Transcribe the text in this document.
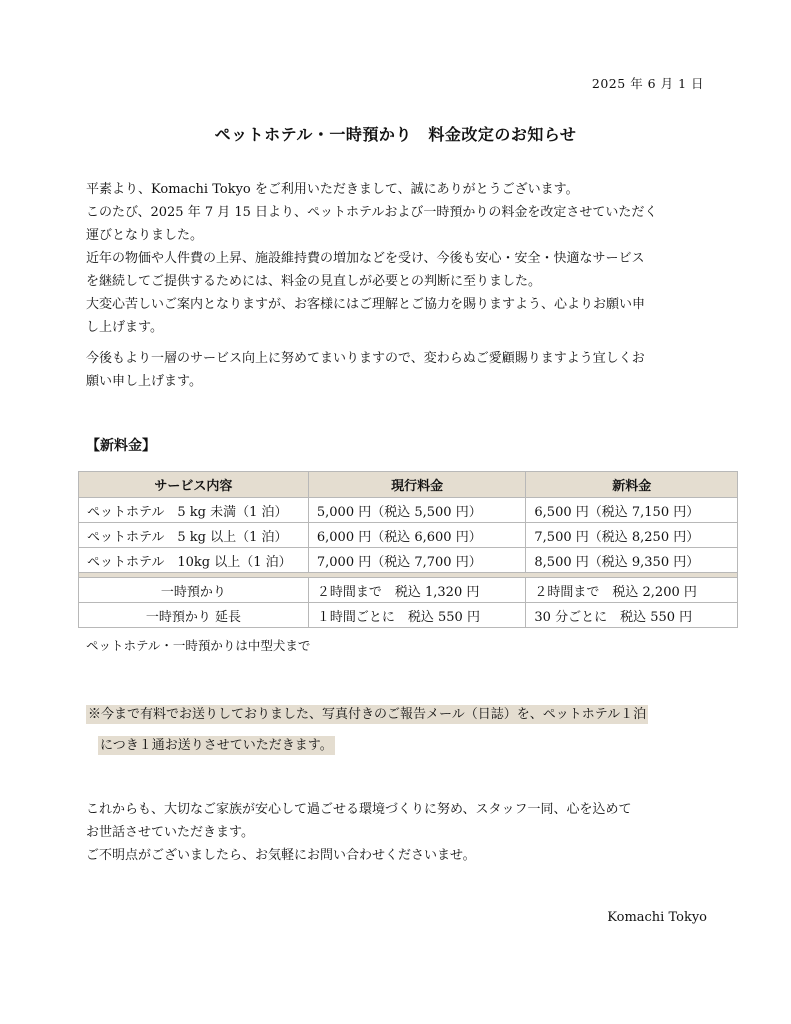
2025 年 6 月 1 日
ペットホテル・一時預かり　料金改定のお知らせ

平素より、Komachi Tokyo をご利用いただきまして、誠にありがとうございます。

このたび、2025 年 7 月 15 日より、ペットホテルおよび一時預かりの料金を改定させていただく

運びとなりました。

近年の物価や人件費の上昇、施設維持費の増加などを受け、今後も安心・安全・快適なサービス

を継続してご提供するためには、料金の見直しが必要との判断に至りました。

大変心苦しいご案内となりますが、お客様にはご理解とご協力を賜りますよう、心よりお願い申

し上げます。

今後もより一層のサービス向上に努めてまいりますので、変わらぬご愛顧賜りますよう宜しくお

願い申し上げます。

【新料金】
サービス内容	現行料金	新料金
ペットホテル　5 kg 未満（1 泊）	5,000 円（税込 5,500 円）	6,500 円（税込 7,150 円）
ペットホテル　5 kg 以上（1 泊）	6,000 円（税込 6,600 円）	7,500 円（税込 8,250 円）
ペットホテル　10kg 以上（1 泊）	7,000 円（税込 7,700 円）	8,500 円（税込 9,350 円）

一時預かり	２時間まで　税込 1,320 円	２時間まで　税込 2,200 円
一時預かり 延長	１時間ごとに　税込 550 円	30 分ごとに　税込 550 円
ペットホテル・一時預かりは中型犬まで
※今まで有料でお送りしておりました、写真付きのご報告メール（日誌）を、ペットホテル１泊
につき１通お送りさせていただきます。

これからも、大切なご家族が安心して過ごせる環境づくりに努め、スタッフ一同、心を込めて

お世話させていただきます。

ご不明点がございましたら、お気軽にお問い合わせくださいませ。

Komachi Tokyo
